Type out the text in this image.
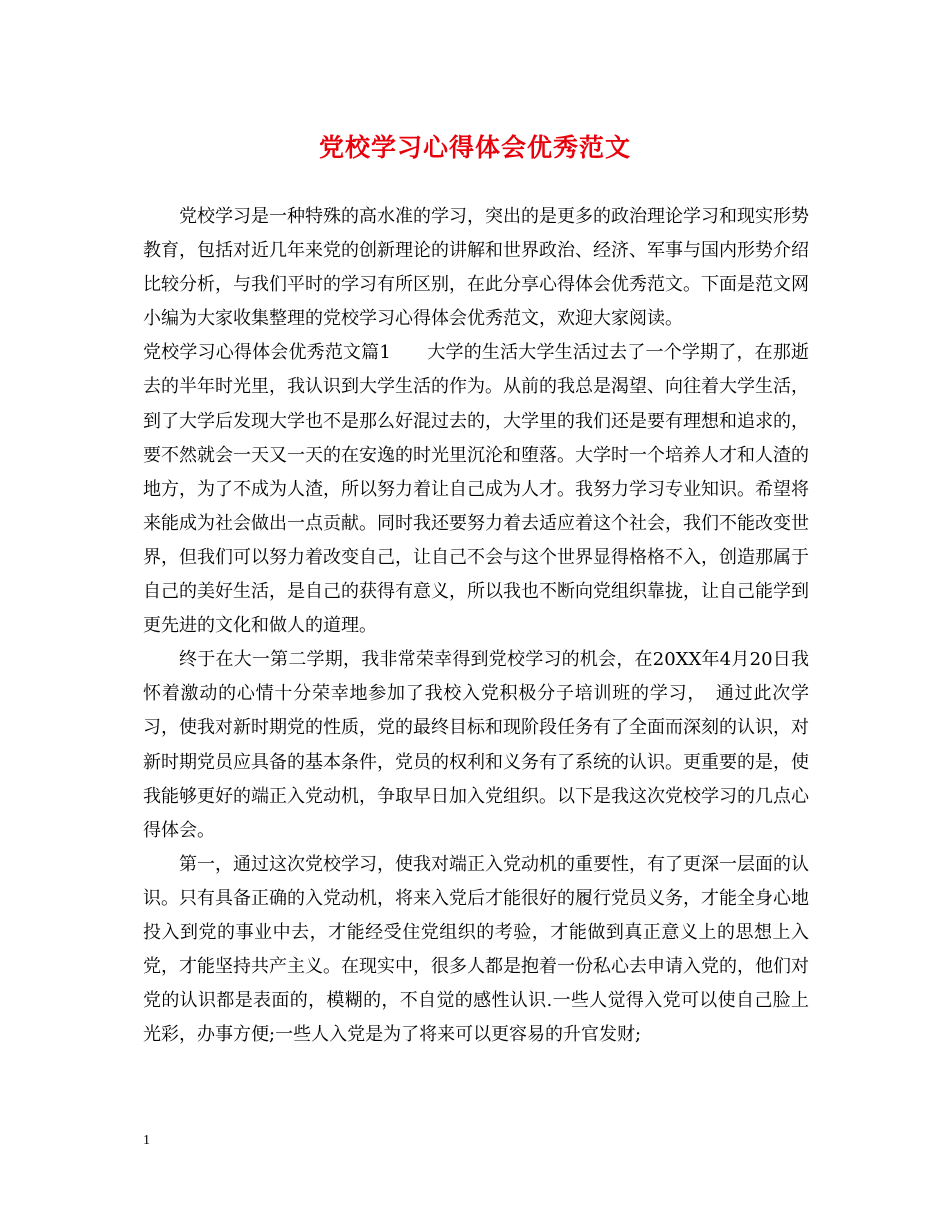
党校学习心得体会优秀范文

党校学习是一种特殊的高水准的学习，突出的是更多的政治理论学习和现实形势教育，包括对近几年来党的创新理论的讲解和世界政治、经济、军事与国内形势介绍比较分析，与我们平时的学习有所区别，在此分享心得体会优秀范文。下面是范文网小编为大家收集整理的党校学习心得体会优秀范文，欢迎大家阅读。

党校学习心得体会优秀范文篇1　　大学的生活大学生活过去了一个学期了，在那逝去的半年时光里，我认识到大学生活的作为。从前的我总是渴望、向往着大学生活，到了大学后发现大学也不是那么好混过去的，大学里的我们还是要有理想和追求的，要不然就会一天又一天的在安逸的时光里沉沦和堕落。大学时一个培养人才和人渣的地方，为了不成为人渣，所以努力着让自己成为人才。我努力学习专业知识。希望将来能成为社会做出一点贡献。同时我还要努力着去适应着这个社会，我们不能改变世界，但我们可以努力着改变自己，让自己不会与这个世界显得格格不入，创造那属于自己的美好生活，是自己的获得有意义，所以我也不断向党组织靠拢，让自己能学到更先进的文化和做人的道理。

终于在大一第二学期，我非常荣幸得到党校学习的机会，在20XX年4月20日我怀着激动的心情十分荣幸地参加了我校入党积极分子培训班的学习，　通过此次学习，使我对新时期党的性质，党的最终目标和现阶段任务有了全面而深刻的认识，对新时期党员应具备的基本条件，党员的权利和义务有了系统的认识。更重要的是，使我能够更好的端正入党动机，争取早日加入党组织。以下是我这次党校学习的几点心得体会。

第一，通过这次党校学习，使我对端正入党动机的重要性，有了更深一层面的认识。只有具备正确的入党动机，将来入党后才能很好的履行党员义务，才能全身心地投入到党的事业中去，才能经受住党组织的考验，才能做到真正意义上的思想上入党，才能坚持共产主义。在现实中，很多人都是抱着一份私心去申请入党的，他们对党的认识都是表面的，模糊的，不自觉的感性认识.一些人觉得入党可以使自己脸上光彩，办事方便;一些人入党是为了将来可以更容易的升官发财;

1
